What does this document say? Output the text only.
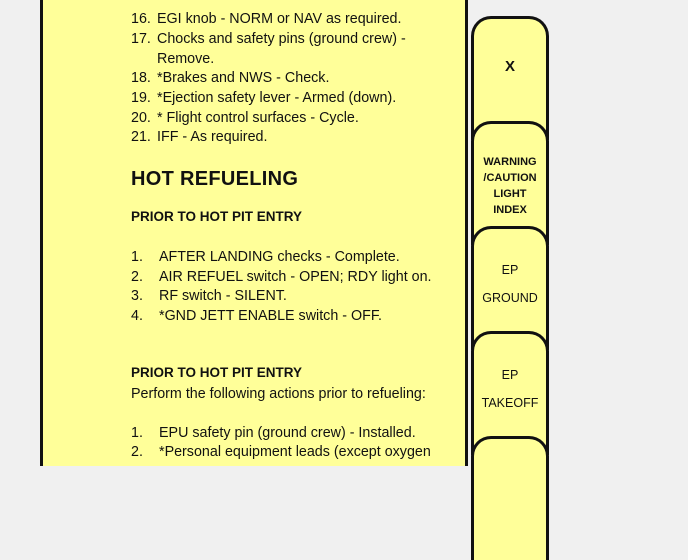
16. EGI knob - NORM or NAV as required.
17. Chocks and safety pins (ground crew) -
Remove.
18. *Brakes and NWS - Check.
19. *Ejection safety lever - Armed (down).
20. * Flight control surfaces - Cycle.
21. IFF - As required.
HOT REFUELING
PRIOR TO HOT PIT ENTRY
1. AFTER LANDING checks - Complete.
2. AIR REFUEL switch - OPEN; RDY light on.
3. RF switch - SILENT.
4. *GND JETT ENABLE switch - OFF.
PRIOR TO HOT PIT ENTRY
Perform the following actions prior to refueling:
1. EPU safety pin (ground crew) - Installed.
2. *Personal equipment leads (except oxygen
X
WARNING
/CAUTION
LIGHT
INDEX
EP
GROUND
EP
TAKEOFF
